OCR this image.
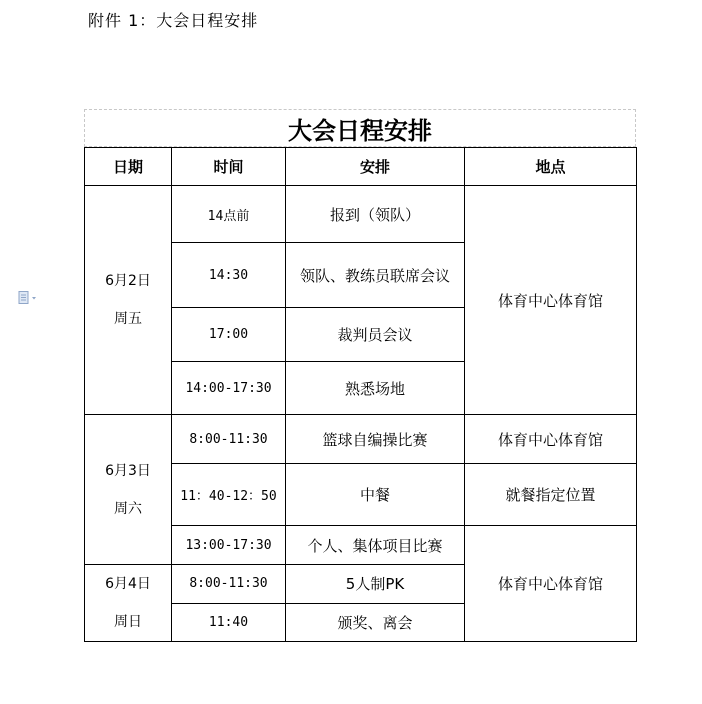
附件 1：大会日程安排
大会日程安排
日期	时间	安排	地点

6月2日
周五	14点前	报到（领队）	体育中心体育馆
	14:30	领队、教练员联席会议	
	17:00	裁判员会议	
	14:00-17:30	熟悉场地	

6月3日
周六	8:00-11:30	篮球自编操比赛	体育中心体育馆
	11：40-12：50	中餐	就餐指定位置
	13:00-17:30	个人、集体项目比赛	体育中心体育馆

6月4日
周日	8:00-11:30	5人制PK	
	11:40	颁奖、离会	
